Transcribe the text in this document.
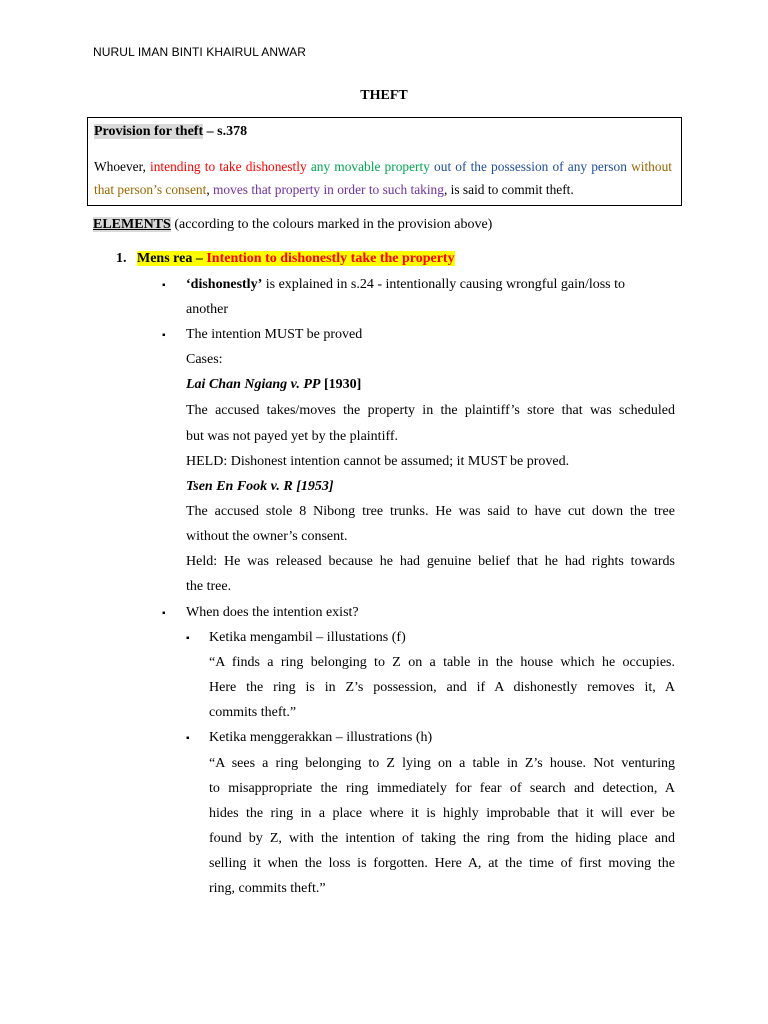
NURUL IMAN BINTI KHAIRUL ANWAR
THEFT
Provision for theft – s.378
Whoever, intending to take dishonestly any movable property out of the possession of any person without that person’s consent, moves that property in order to such taking, is said to commit theft.
ELEMENTS (according to the colours marked in the provision above)
1. Mens rea – Intention to dishonestly take the property
▪ ‘dishonestly’ is explained in s.24 - intentionally causing wrongful gain/loss to
another
▪ The intention MUST be proved
Cases:
Lai Chan Ngiang v. PP [1930]
The accused takes/moves the property in the plaintiff’s store that was scheduled
but was not payed yet by the plaintiff.
HELD: Dishonest intention cannot be assumed; it MUST be proved.
Tsen En Fook v. R [1953]
The accused stole 8 Nibong tree trunks. He was said to have cut down the tree
without the owner’s consent.
Held: He was released because he had genuine belief that he had rights towards
the tree.
▪ When does the intention exist?
▪ Ketika mengambil – illustations (f)
“A finds a ring belonging to Z on a table in the house which he occupies.
Here the ring is in Z’s possession, and if A dishonestly removes it, A
commits theft.”
▪ Ketika menggerakkan – illustrations (h)
“A sees a ring belonging to Z lying on a table in Z’s house. Not venturing
to misappropriate the ring immediately for fear of search and detection, A
hides the ring in a place where it is highly improbable that it will ever be
found by Z, with the intention of taking the ring from the hiding place and
selling it when the loss is forgotten. Here A, at the time of first moving the
ring, commits theft.”
